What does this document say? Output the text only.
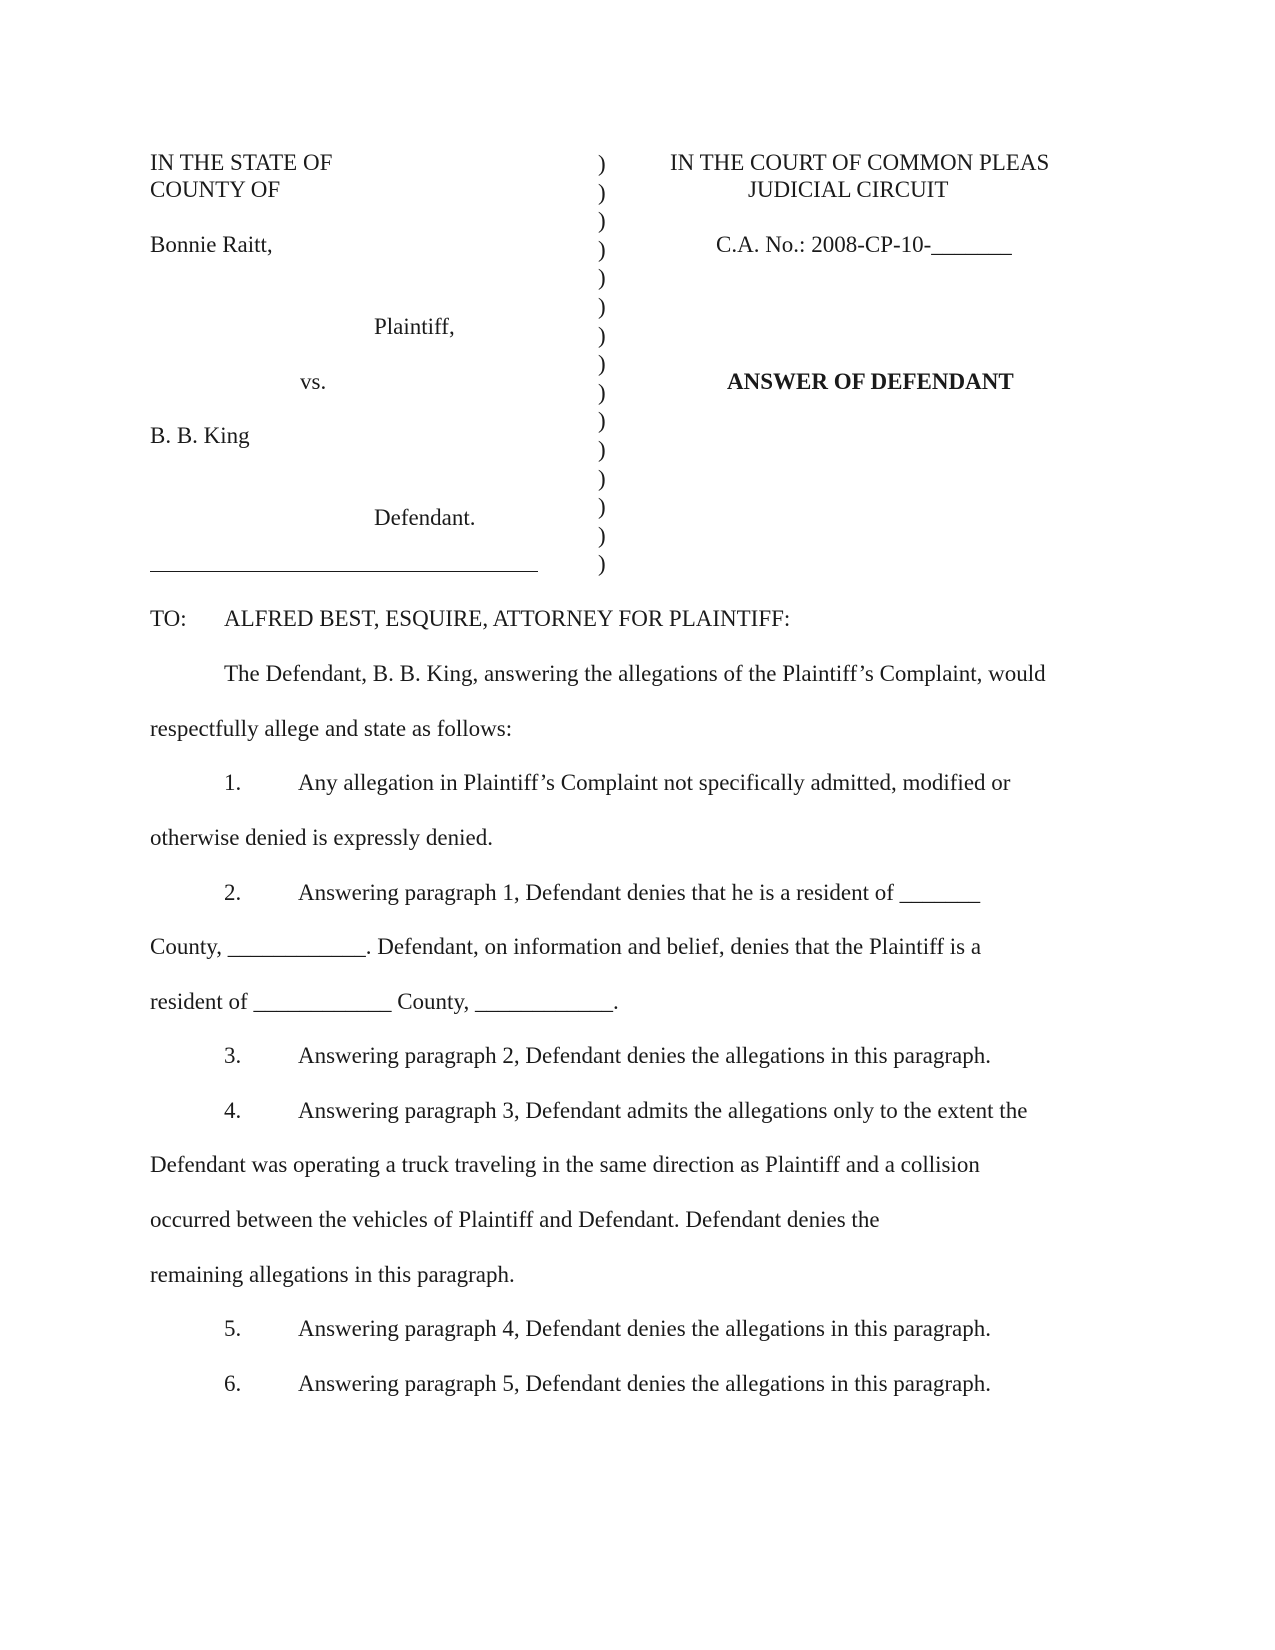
IN THE STATE OF
COUNTY OF
Bonnie Raitt,
Plaintiff,
vs.
B. B. King
Defendant.
)
)
)
)
)
)
)
)
)
)
)
)
)
)
)
IN THE COURT OF COMMON PLEAS
JUDICIAL CIRCUIT
C.A. No.: 2008-CP-10-_______
ANSWER OF DEFENDANT
TO: ALFRED BEST, ESQUIRE, ATTORNEY FOR PLAINTIFF:
The Defendant, B. B. King, answering the allegations of the Plaintiff’s Complaint, would
respectfully allege and state as follows:
1. Any allegation in Plaintiff’s Complaint not specifically admitted, modified or
otherwise denied is expressly denied.
2. Answering paragraph 1, Defendant denies that he is a resident of _______
County, ____________. Defendant, on information and belief, denies that the Plaintiff is a
resident of ____________ County, ____________.
3. Answering paragraph 2, Defendant denies the allegations in this paragraph.
4. Answering paragraph 3, Defendant admits the allegations only to the extent the
Defendant was operating a truck traveling in the same direction as Plaintiff and a collision
occurred between the vehicles of Plaintiff and Defendant. Defendant denies the
remaining allegations in this paragraph.
5. Answering paragraph 4, Defendant denies the allegations in this paragraph.
6. Answering paragraph 5, Defendant denies the allegations in this paragraph.
